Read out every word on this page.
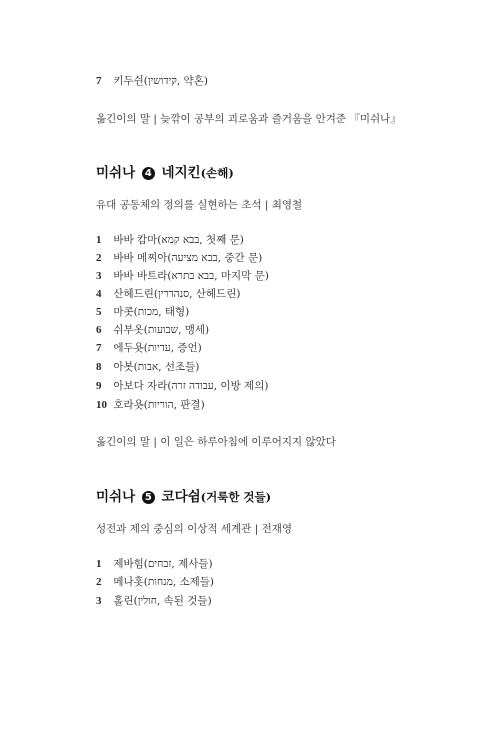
7 키두쉰(קידושין, 약혼)
옮긴이의 말 | 늦깎이 공부의 괴로움과 즐거움을 안겨준 『미쉬나』
미쉬나 4 네지킨(손해)
유대 공동체의 정의를 실현하는 초석 | 최영철
1 바바 캄마(בבא קמא, 첫째 문)
2 바바 메찌아(בבא מציעה, 중간 문)
3 바바 바트라(בבא בתרא, 마지막 문)
4 산헤드린(סנהדרין, 산헤드린)
5 마콧(מכות, 태형)
6 쉬부옷(שבועות, 맹세)
7 에두욧(עדיות, 증언)
8 아봇(אבות, 선조들)
9 아보다 자라(עבודה זרה, 이방 제의)
10 호라욧(הוריות, 판결)
옮긴이의 말 | 이 일은 하루아침에 이루어지지 않았다
미쉬나 5 코다쉼(거룩한 것들)
성전과 제의 중심의 이상적 세계관 | 전재영
1 제바힘(זבחים, 제사들)
2 메나홋(מנחות, 소제들)
3 홀린(חולין, 속된 것들)
